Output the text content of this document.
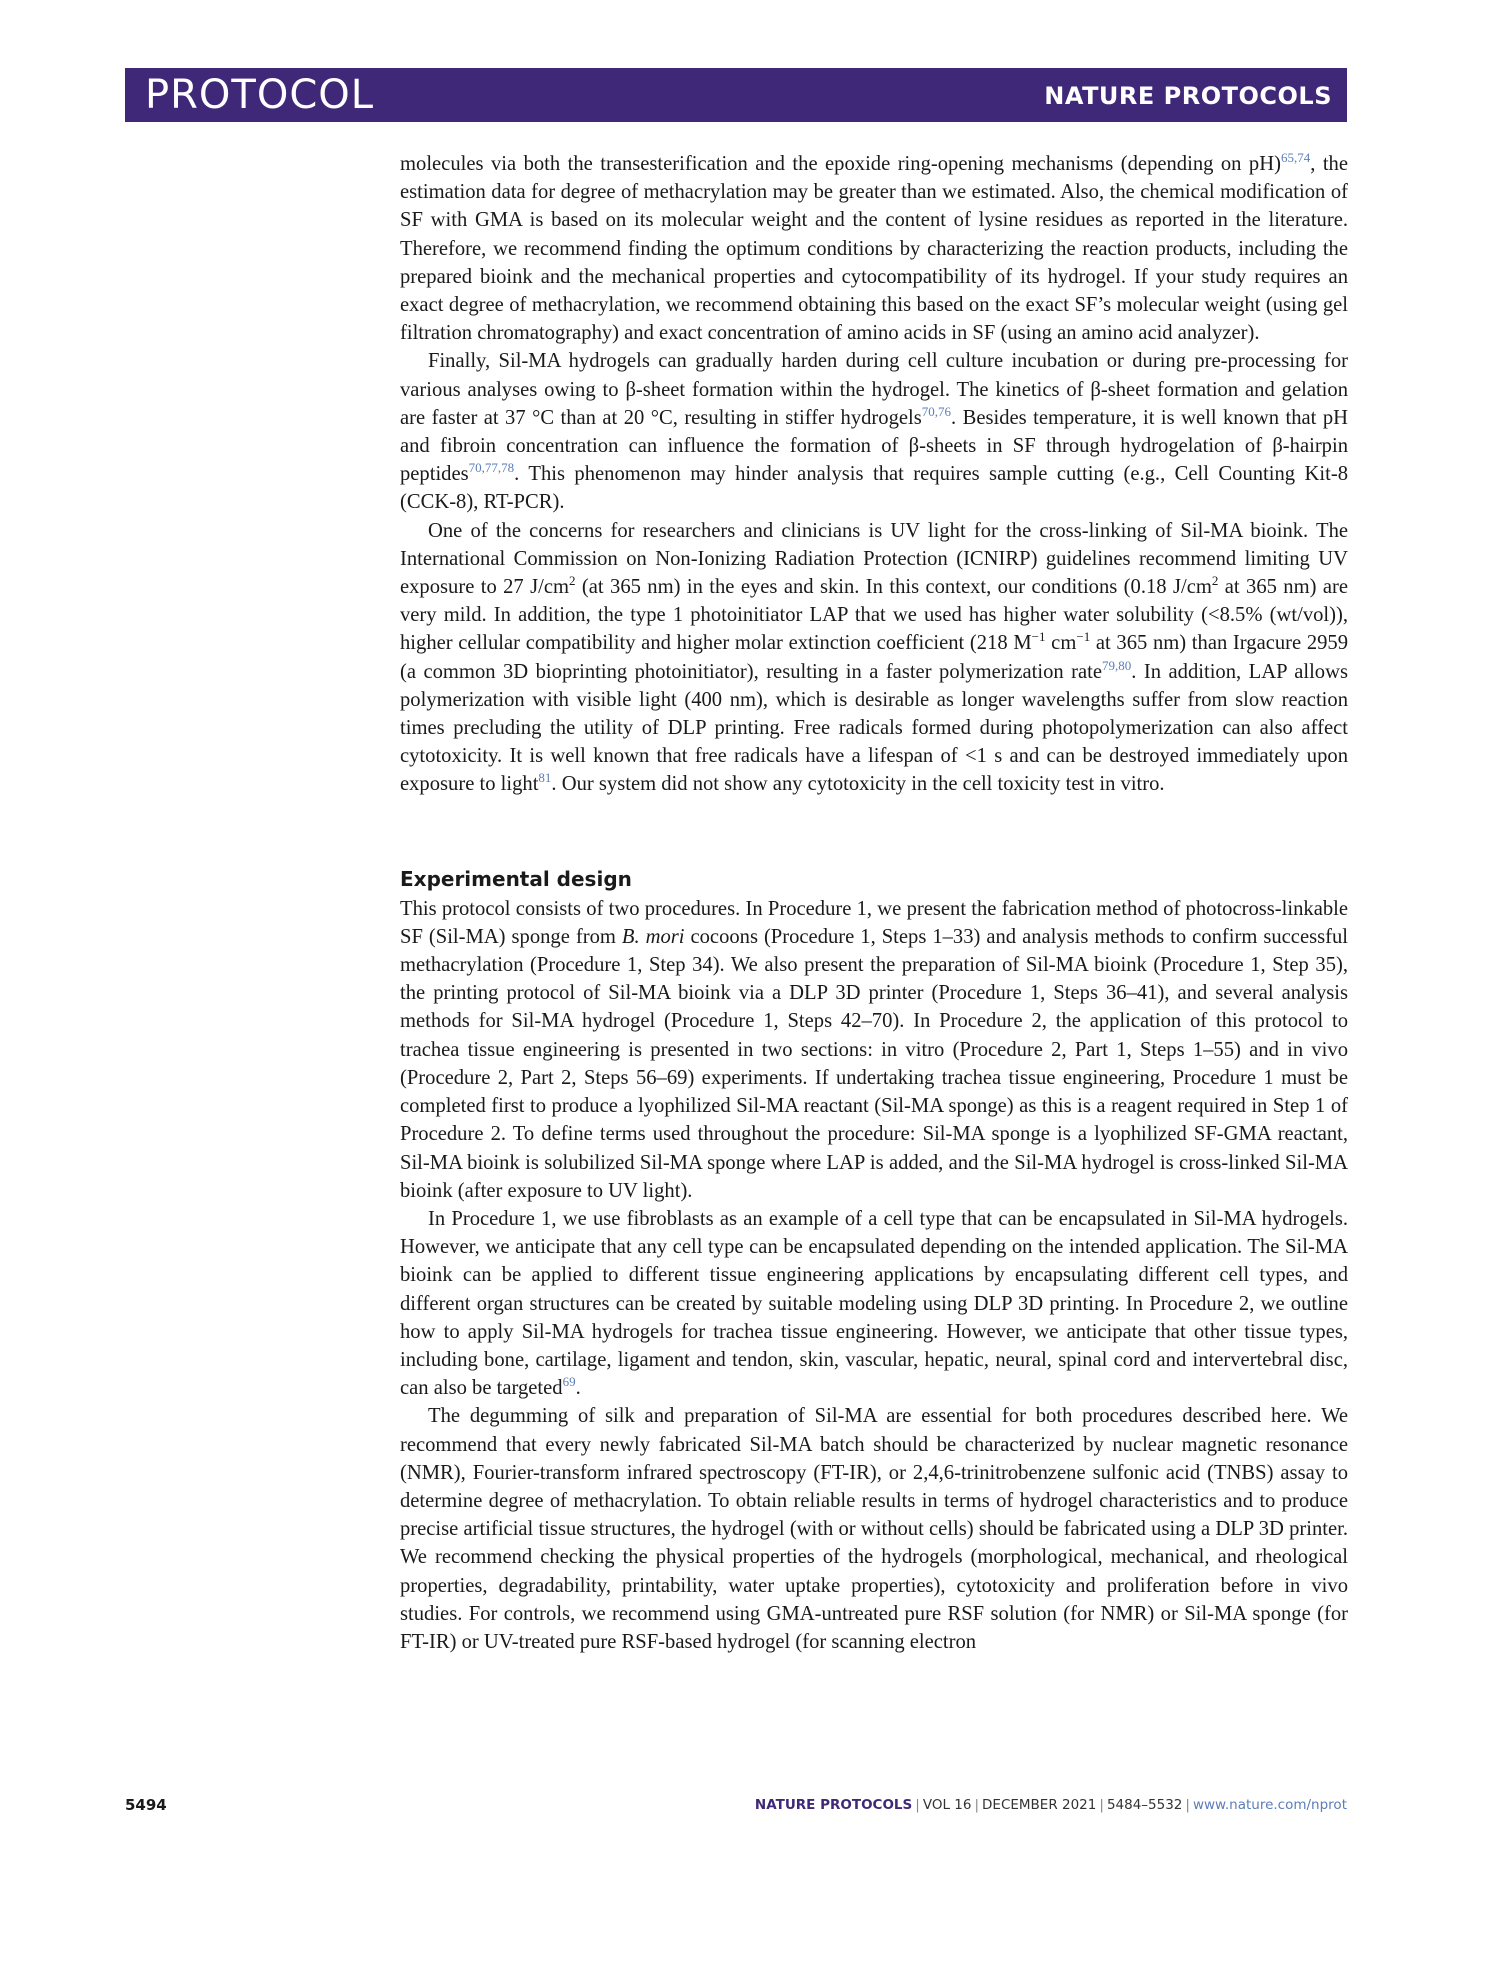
PROTOCOL	NATURE PROTOCOLS

molecules via both the transesterification and the epoxide ring-opening mechanisms (depending on pH)$^{65,74}$, the estimation data for degree of methacrylation may be greater than we estimated. Also, the chemical modification of SF with GMA is based on its molecular weight and the content of lysine residues as reported in the literature. Therefore, we recommend finding the optimum conditions by characterizing the reaction products, including the prepared bioink and the mechanical properties and cytocompatibility of its hydrogel. If your study requires an exact degree of methacrylation, we recommend obtaining this based on the exact SF’s molecular weight (using gel filtration chromatography) and exact concentration of amino acids in SF (using an amino acid analyzer).

Finally, Sil-MA hydrogels can gradually harden during cell culture incubation or during pre-processing for various analyses owing to β-sheet formation within the hydrogel. The kinetics of β-sheet formation and gelation are faster at 37 °C than at 20 °C, resulting in stiffer hydrogels$^{70,76}$. Besides temperature, it is well known that pH and fibroin concentration can influence the formation of β-sheets in SF through hydrogelation of β-hairpin peptides$^{70,77,78}$. This phenomenon may hinder analysis that requires sample cutting (e.g., Cell Counting Kit-8 (CCK-8), RT-PCR).

One of the concerns for researchers and clinicians is UV light for the cross-linking of Sil-MA bioink. The International Commission on Non-Ionizing Radiation Protection (ICNIRP) guidelines recommend limiting UV exposure to 27 $J/cm^2$ (at 365 nm) in the eyes and skin. In this context, our conditions (0.18 $J/cm^2$ at 365 nm) are very mild. In addition, the type 1 photoinitiator LAP that we used has higher water solubility (<8.5% (wt/vol)), higher cellular compatibility and higher molar extinction coefficient (218 $M^{-1}$ $cm^{-1}$ at 365 nm) than Irgacure 2959 (a common 3D bioprinting photoinitiator), resulting in a faster polymerization rate$^{79,80}$. In addition, LAP allows polymerization with visible light (400 nm), which is desirable as longer wavelengths suffer from slow reaction times precluding the utility of DLP printing. Free radicals formed during photopolymerization can also affect cytotoxicity. It is well known that free radicals have a lifespan of <1 s and can be destroyed immediately upon exposure to light$^{81}$. Our system did not show any cytotoxicity in the cell toxicity test in vitro.

Experimental design

This protocol consists of two procedures. In Procedure 1, we present the fabrication method of photocross-linkable SF (Sil-MA) sponge from B. mori cocoons (Procedure 1, Steps 1–33) and analysis methods to confirm successful methacrylation (Procedure 1, Step 34). We also present the preparation of Sil-MA bioink (Procedure 1, Step 35), the printing protocol of Sil-MA bioink via a DLP 3D printer (Procedure 1, Steps 36–41), and several analysis methods for Sil-MA hydrogel (Procedure 1, Steps 42–70). In Procedure 2, the application of this protocol to trachea tissue engineering is presented in two sections: in vitro (Procedure 2, Part 1, Steps 1–55) and in vivo (Procedure 2, Part 2, Steps 56–69) experiments. If undertaking trachea tissue engineering, Procedure 1 must be completed first to produce a lyophilized Sil-MA reactant (Sil-MA sponge) as this is a reagent required in Step 1 of Procedure 2. To define terms used throughout the procedure: Sil-MA sponge is a lyophilized SF-GMA reactant, Sil-MA bioink is solubilized Sil-MA sponge where LAP is added, and the Sil-MA hydrogel is cross-linked Sil-MA bioink (after exposure to UV light).

In Procedure 1, we use fibroblasts as an example of a cell type that can be encapsulated in Sil-MA hydrogels. However, we anticipate that any cell type can be encapsulated depending on the intended application. The Sil-MA bioink can be applied to different tissue engineering applications by encapsulating different cell types, and different organ structures can be created by suitable modeling using DLP 3D printing. In Procedure 2, we outline how to apply Sil-MA hydrogels for trachea tissue engineering. However, we anticipate that other tissue types, including bone, cartilage, ligament and tendon, skin, vascular, hepatic, neural, spinal cord and intervertebral disc, can also be targeted$^{69}$.

The degumming of silk and preparation of Sil-MA are essential for both procedures described here. We recommend that every newly fabricated Sil-MA batch should be characterized by nuclear magnetic resonance (NMR), Fourier-transform infrared spectroscopy (FT-IR), or 2,4,6-trinitrobenzene sulfonic acid (TNBS) assay to determine degree of methacrylation. To obtain reliable results in terms of hydrogel characteristics and to produce precise artificial tissue structures, the hydrogel (with or without cells) should be fabricated using a DLP 3D printer. We recommend checking the physical properties of the hydrogels (morphological, mechanical, and rheological properties, degradability, printability, water uptake properties), cytotoxicity and proliferation before in vivo studies. For controls, we recommend using GMA-untreated pure RSF solution (for NMR) or Sil-MA sponge (for FT-IR) or UV-treated pure RSF-based hydrogel (for scanning electron

5494	NATURE PROTOCOLS | VOL 16 | DECEMBER 2021 | 5484–5532 | www.nature.com/nprot
